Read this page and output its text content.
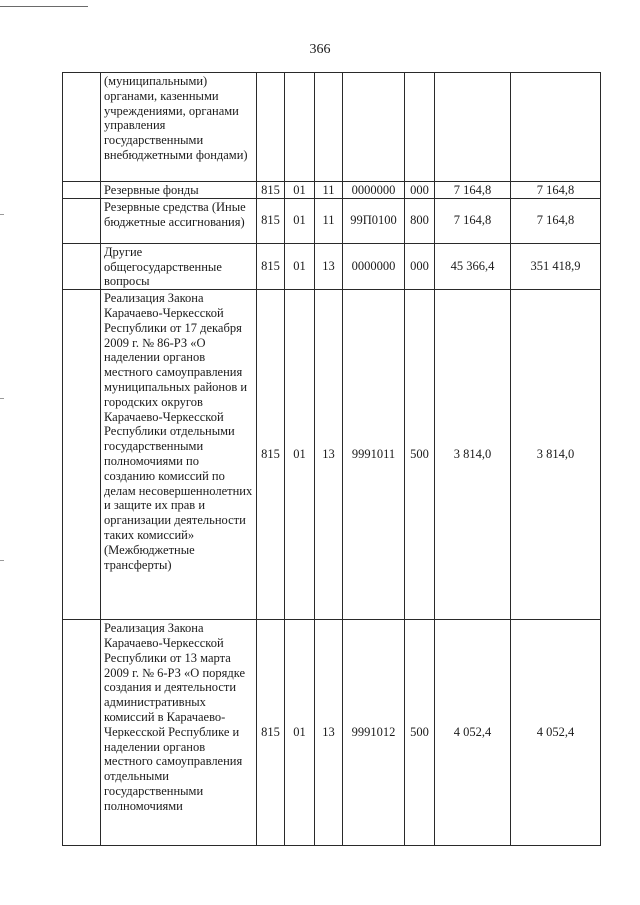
366
	(муниципальными) органами, казенными учреждениями, органами управления государственными внебюджетными фондами)							
	Резервные фонды	815	01	11	0000000	000	7 164,8	7 164,8
	Резервные средства (Иные бюджетные ассигнования)	815	01	11	99П0100	800	7 164,8	7 164,8
	Другие общегосударственные вопросы	815	01	13	0000000	000	45 366,4	351 418,9
	Реализация Закона Карачаево-Черкесской Республики от 17 декабря 2009 г. № 86-РЗ «О наделении органов местного самоуправления муниципальных районов и городских округов Карачаево-Черкесской Республики отдельными государственными полномочиями по созданию комиссий по делам несовершеннолетних и защите их прав и организации деятельности таких комиссий» (Межбюджетные трансферты)	815	01	13	9991011	500	3 814,0	3 814,0
	Реализация Закона Карачаево-Черкесской Республики от 13 марта 2009 г. № 6-РЗ «О порядке создания и деятельности административных комиссий в Карачаево-Черкесской Республике и наделении органов местного самоуправления отдельными государственными полномочиями	815	01	13	9991012	500	4 052,4	4 052,4
